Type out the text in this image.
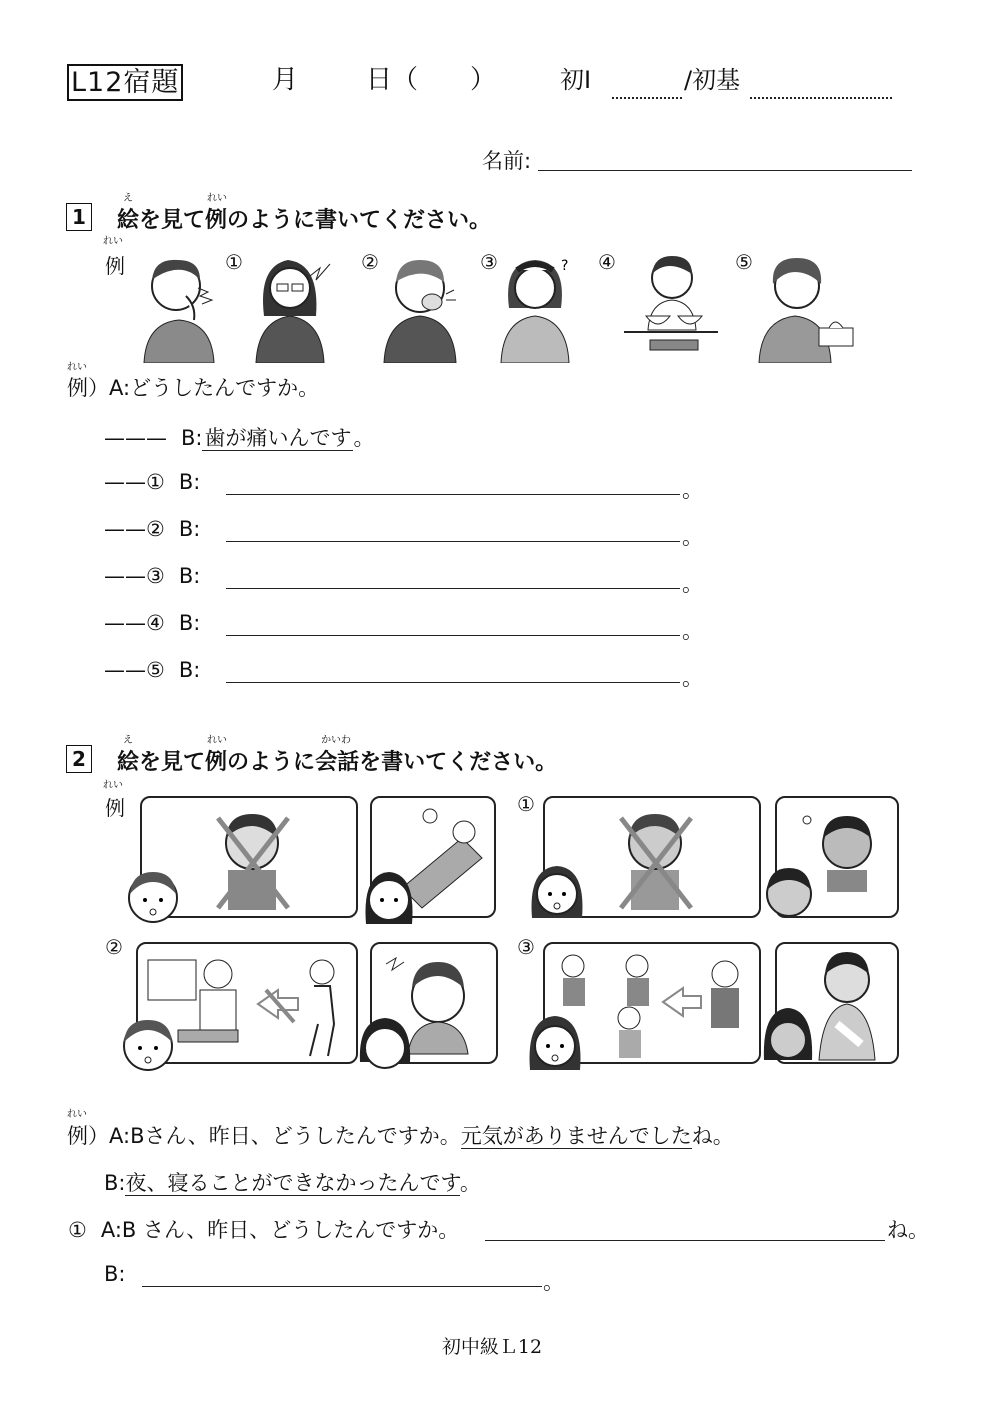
L12宿題	月	日（　　）	初Ⅰ	/初基
名前:
1
え
絵を見て
れい
例のように書いてください。
れい
例	①	②	③	④	⑤
?
れい
例）A:どうしたんですか。
——— B:歯が痛いんです。
——① B:	。
——② B:	。
——③ B:	。
——④ B:	。
——⑤ B:	。
2
え
絵を見て
れい
例のように
かいわ
会話を書いてください。
れい
例	①
②	③
れい
例）A:Bさん、昨日、どうしたんですか。元気がありませんでしたね。
B:夜、寝ることができなかったんです。
① A:B さん、昨日、どうしたんですか。	ね。
B:	。
初中級Ｌ12
